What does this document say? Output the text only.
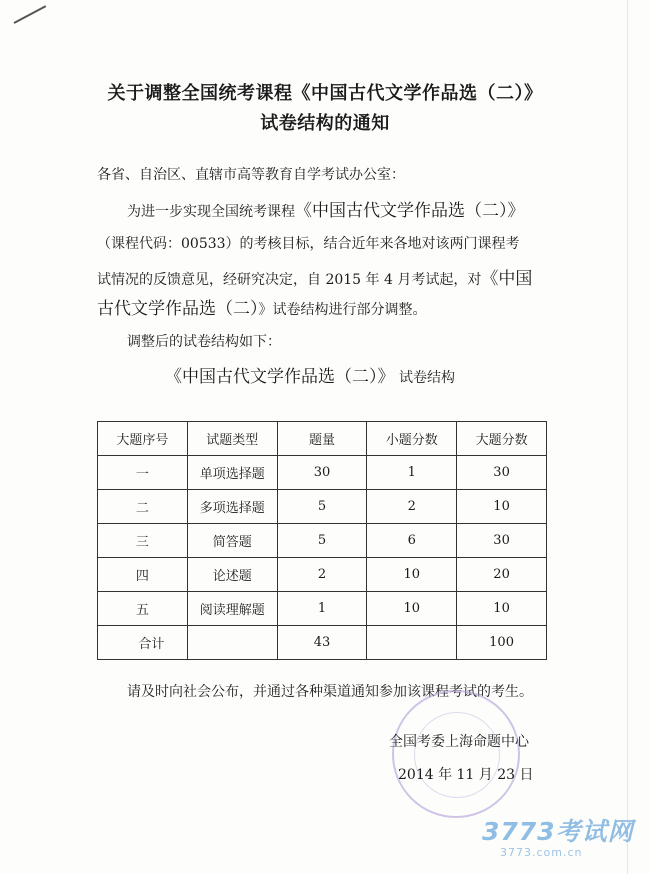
关于调整全国统考课程《中国古代文学作品选（二）》
试卷结构的通知
各省、自治区、直辖市高等教育自学考试办公室：
为进一步实现全国统考课程《中国古代文学作品选（二）》
（课程代码：00533）的考核目标，结合近年来各地对该两门课程考
试情况的反馈意见，经研究决定，自 2015 年 4 月考试起，对《中国
古代文学作品选（二）》试卷结构进行部分调整。
调整后的试卷结构如下：
《中国古代文学作品选（二）》 试卷结构
大题序号	试题类型	题量	小题分数	大题分数
一	单项选择题	30	1	30
二	多项选择题	5	2	10
三	简答题	5	6	30
四	论述题	2	10	20
五	阅读理解题	1	10	10
合计		43		100
请及时向社会公布，并通过各种渠道通知参加该课程考试的考生。
全国考委上海命题中心
2014 年 11 月 23 日
3773考试网
3773.com.cn
